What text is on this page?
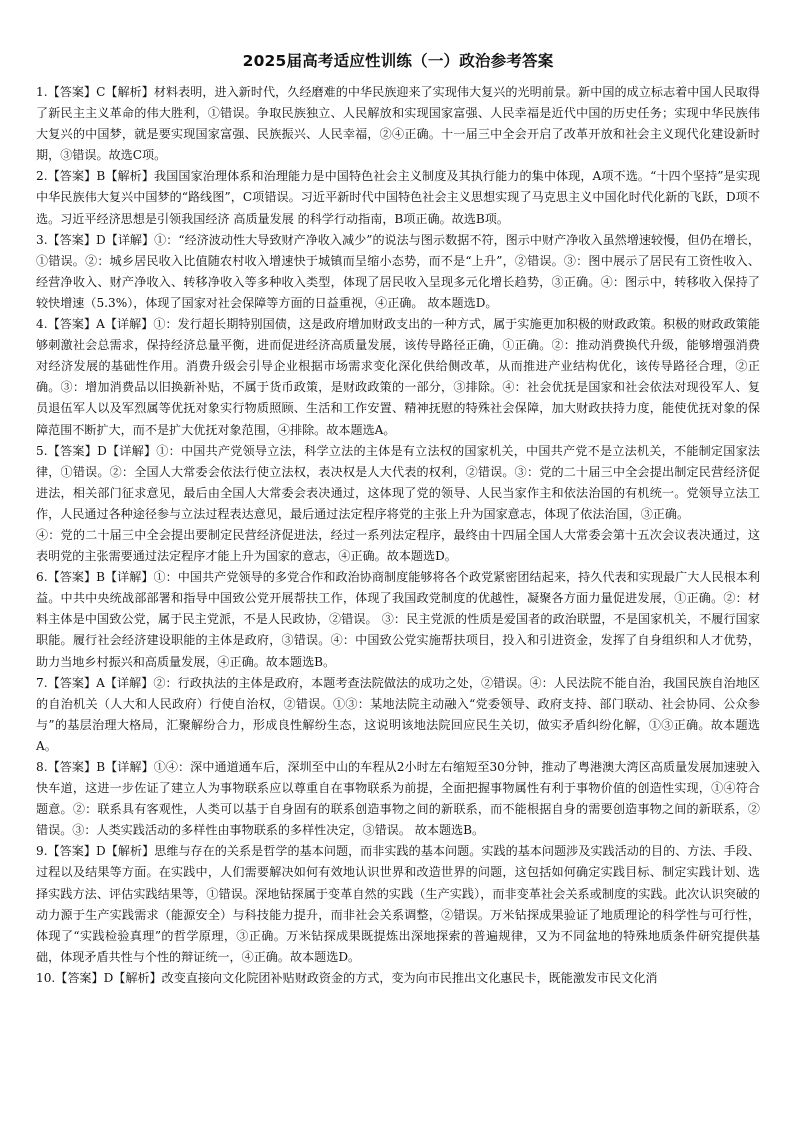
2025届高考适应性训练（一）政治参考答案

1.【答案】C【解析】材料表明，进入新时代，久经磨难的中华民族迎来了实现伟大复兴的光明前景。新中国的成立标志着中国人民取得了新民主主义革命的伟大胜利，①错误。争取民族独立、人民解放和实现国家富强、人民幸福是近代中国的历史任务；实现中华民族伟大复兴的中国梦，就是要实现国家富强、民族振兴、人民幸福，②④正确。十一届三中全会开启了改革开放和社会主义现代化建设新时期，③错误。故选C项。

2.【答案】B【解析】我国国家治理体系和治理能力是中国特色社会主义制度及其执行能力的集中体现，A项不选。“十四个坚持”是实现中华民族伟大复兴中国梦的“路线图”，C项错误。习近平新时代中国特色社会主义思想实现了马克思主义中国化时代化新的飞跃，D项不选。习近平经济思想是引领我国经济 高质量发展 的科学行动指南，B项正确。故选B项。

3.【答案】D【详解】①：“经济波动性大导致财产净收入减少”的说法与图示数据不符，图示中财产净收入虽然增速较慢，但仍在增长，①错误。②：城乡居民收入比值随农村收入增速快于城镇而呈缩小态势，而不是“上升”，②错误。③：图中展示了居民有工资性收入、经营净收入、财产净收入、转移净收入等多种收入类型，体现了居民收入呈现多元化增长趋势，③正确。④：图示中，转移收入保持了较快增速（5.3%），体现了国家对社会保障等方面的日益重视，④正确。 故本题选D。

4.【答案】A【详解】①：发行超长期特别国债，这是政府增加财政支出的一种方式，属于实施更加积极的财政政策。积极的财政政策能够刺激社会总需求，保持经济总量平衡，进而促进经济高质量发展，该传导路径正确，①正确。②：推动消费换代升级，能够增强消费对经济发展的基础性作用。消费升级会引导企业根据市场需求变化深化供给侧改革，从而推进产业结构优化，该传导路径合理，②正确。③：增加消费品以旧换新补贴，不属于货币政策，是财政政策的一部分，③排除。④：社会优抚是国家和社会依法对现役军人、复员退伍军人以及军烈属等优抚对象实行物质照顾、生活和工作安置、精神抚慰的特殊社会保障，加大财政扶持力度，能使优抚对象的保障范围不断扩大，而不是扩大优抚对象范围，④排除。故本题选A。

5.【答案】D【详解】①：中国共产党领导立法，科学立法的主体是有立法权的国家机关，中国共产党不是立法机关，不能制定国家法律，①错误。②：全国人大常委会依法行使立法权，表决权是人大代表的权利，②错误。③：党的二十届三中全会提出制定民营经济促进法，相关部门征求意见，最后由全国人大常委会表决通过，这体现了党的领导、人民当家作主和依法治国的有机统一。党领导立法工作，人民通过各种途径参与立法过程表达意见，最后通过法定程序将党的主张上升为国家意志，体现了依法治国，③正确。

④：党的二十届三中全会提出要制定民营经济促进法，经过一系列法定程序，最终由十四届全国人大常委会第十五次会议表决通过，这表明党的主张需要通过法定程序才能上升为国家的意志，④正确。故本题选D。

6.【答案】B【详解】①：中国共产党领导的多党合作和政治协商制度能够将各个政党紧密团结起来，持久代表和实现最广大人民根本利益。中共中央统战部部署和指导中国致公党开展帮扶工作，体现了我国政党制度的优越性，凝聚各方面力量促进发展，①正确。②：材料主体是中国致公党，属于民主党派，不是人民政协，②错误。 ③：民主党派的性质是爱国者的政治联盟，不是国家机关，不履行国家职能。履行社会经济建设职能的主体是政府，③错误。④：中国致公党实施帮扶项目，投入和引进资金，发挥了自身组织和人才优势，助力当地乡村振兴和高质量发展，④正确。故本题选B。

7.【答案】A【详解】②：行政执法的主体是政府，本题考查法院做法的成功之处，②错误。④：人民法院不能自治，我国民族自治地区的自治机关（人大和人民政府）行使自治权，②错误。①③：某地法院主动融入“党委领导、政府支持、部门联动、社会协同、公众参与”的基层治理大格局，汇聚解纷合力，形成良性解纷生态，这说明该地法院回应民生关切，做实矛盾纠纷化解，①③正确。故本题选A。

8.【答案】B【详解】①④：深中通道通车后，深圳至中山的车程从2小时左右缩短至30分钟，推动了粤港澳大湾区高质量发展加速驶入快车道，这进一步佐证了建立人为事物联系应以尊重自在事物联系为前提，全面把握事物属性有利于事物价值的创造性实现，①④符合题意。②：联系具有客观性，人类可以基于自身固有的联系创造事物之间的新联系，而不能根据自身的需要创造事物之间的新联系，②错误。③：人类实践活动的多样性由事物联系的多样性决定，③错误。 故本题选B。

9.【答案】D【解析】思维与存在的关系是哲学的基本问题，而非实践的基本问题。实践的基本问题涉及实践活动的目的、方法、手段、过程以及结果等方面。在实践中，人们需要解决如何有效地认识世界和改造世界的问题，这包括如何确定实践目标、制定实践计划、选择实践方法、评估实践结果等，①错误。深地钻探属于变革自然的实践（生产实践），而非变革社会关系或制度的实践。此次认识突破的动力源于生产实践需求（能源安全）与科技能力提升，而非社会关系调整，②错误。万米钻探成果验证了地质理论的科学性与可行性，体现了“实践检验真理”的哲学原理，③正确。万米钻探成果既提炼出深地探索的普遍规律，又为不同盆地的特殊地质条件研究提供基础，体现矛盾共性与个性的辩证统一，④正确。故本题选D。

10.【答案】D【解析】改变直接向文化院团补贴财政资金的方式，变为向市民推出文化惠民卡，既能激发市民文化消
